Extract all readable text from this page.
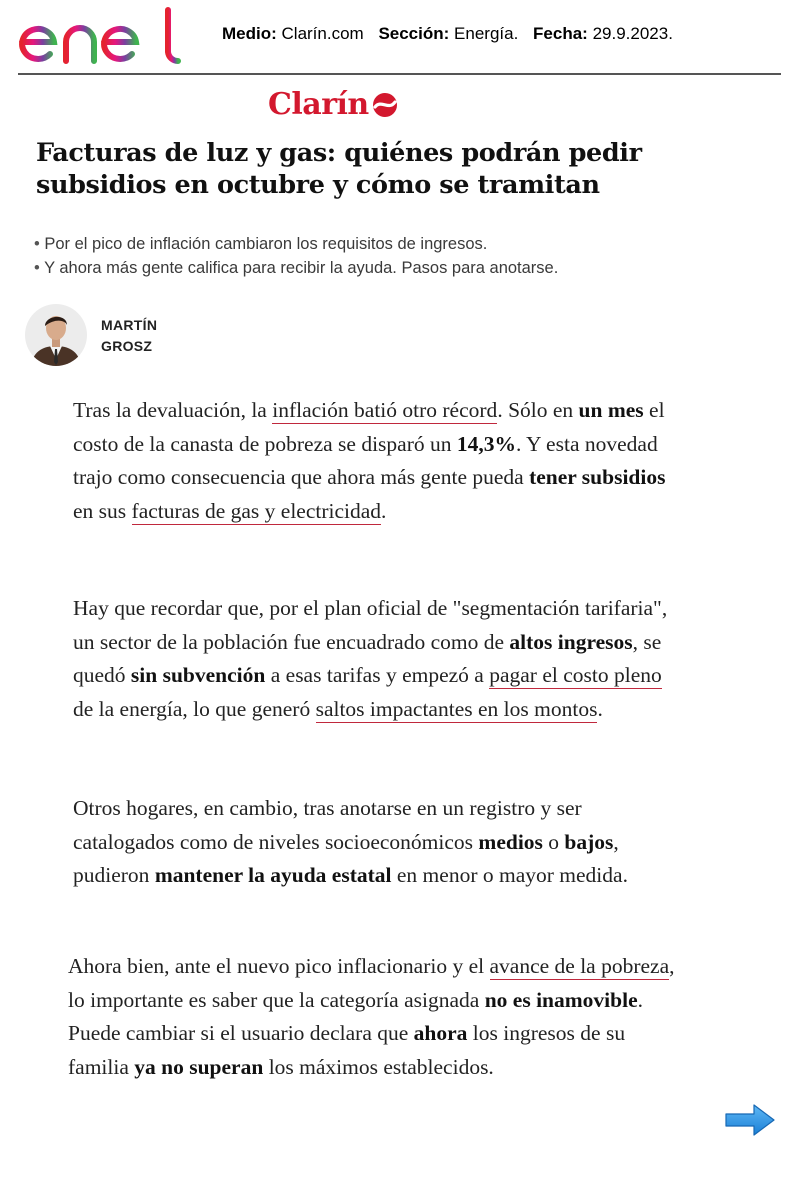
enel
Medio: Clarín.com Sección: Energía. Fecha: 29.9.2023.
Clarín
Facturas de luz y gas: quiénes podrán pedir subsidios en octubre y cómo se tramitan
• Por el pico de inflación cambiaron los requisitos de ingresos.
• Y ahora más gente califica para recibir la ayuda. Pasos para anotarse.
MARTÍN
GROSZ

Tras la devaluación, la inflación batió otro récord. Sólo en un mes el costo de la canasta de pobreza se disparó un 14,3%. Y esta novedad trajo como consecuencia que ahora más gente pueda tener subsidios en sus facturas de gas y electricidad.

Hay que recordar que, por el plan oficial de "segmentación tarifaria", un sector de la población fue encuadrado como de altos ingresos, se quedó sin subvención a esas tarifas y empezó a pagar el costo pleno de la energía, lo que generó saltos impactantes en los montos.

Otros hogares, en cambio, tras anotarse en un registro y ser catalogados como de niveles socioeconómicos medios o bajos, pudieron mantener la ayuda estatal en menor o mayor medida.

Ahora bien, ante el nuevo pico inflacionario y el avance de la pobreza, lo importante es saber que la categoría asignada no es inamovible. Puede cambiar si el usuario declara que ahora los ingresos de su familia ya no superan los máximos establecidos.
